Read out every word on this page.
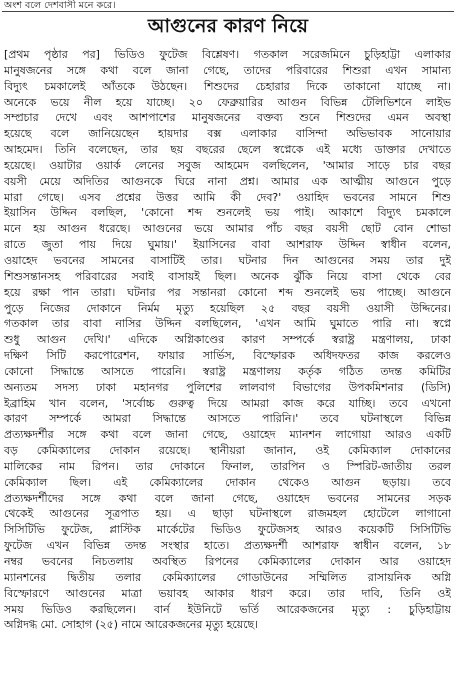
অংশ বলে দেশবাসী মনে করে।
আগুনের কারণ নিয়ে
[প্রথম পৃষ্ঠার পর] ভিডিও ফুটেজ বিশ্লেষণ। গতকাল সরেজমিনে চুড়িহাট্টা এলাকার
মানুষজনের সঙ্গে কথা বলে জানা গেছে, তাদের পরিবারের শিশুরা এখন সামান্য
বিদ্যুৎ চমকালেই আঁতকে উঠছেন। শিশুদের চেহারার দিকে তাকানো যাচ্ছে না।
অনেকে ভয়ে নীল হয়ে যাচ্ছে। ২০ ফেব্রুয়ারির আগুন বিভিন্ন টেলিভিশনে লাইভ
সম্প্রচার দেখে এবং আশপাশের মানুষজনের বক্তব্য শুনে শিশুদের এমন অবস্থা
হয়েছে বলে জানিয়েছেন হায়দার বক্স এলাকার বাসিন্দা অভিভাবক সানোয়ার
আহমেদ। তিনি বলেছেন, তার ছয় বছরের ছেলে স্বপ্নেকে এই মধ্যে ডাক্তার দেখাতে
হয়েছে। ওয়াটার ওয়ার্ক লেনের সবুজ আহমেদ বলছিলেন, 'আমার সাড়ে চার বছর
বয়সী মেয়ে অদিতির আগুনকে ঘিরে নানা প্রশ্ন। আমার এক আত্মীয় আগুনে পুড়ে
মারা গেছে। এসব প্রশ্নের উত্তর আমি কী দেব?' ওয়াহিদ ভবনের সামনে শিশু
ইয়াসিন উদ্দিন বলছিল, 'কোনো শব্দ শুনলেই ভয় পাই। আকাশে বিদ্যুৎ চমকালে
মনে হয় আগুন ধরেছে। আগুনের ভয়ে আমার পাঁচ বছর বয়সী ছোট বোন শোভা
রাতে জুতা পায় দিয়ে ঘুমায়।' ইয়াসিনের বাবা আশরাফ উদ্দিন স্বাধীন বলেন,
ওয়াহেদ ভবনের সামনের বাসাটিই তার। ঘটনার দিন আগুনের সময় তার দুই
শিশুসন্তানসহ পরিবারের সবাই বাসায়ই ছিল। অনেক ঝুঁকি নিয়ে বাসা থেকে বের
হয়ে রক্ষা পান তারা। ঘটনার পর সন্তানরা কোনো শব্দ শুনলেই ভয় পাচ্ছে। আগুনে
পুড়ে নিজের দোকানে নির্মম মৃত্যু হয়েছিল ২৫ বছর বয়সী ওয়াসী উদ্দিনের।
গতকাল তার বাবা নাসির উদ্দিন বলছিলেন, 'এখন আমি ঘুমাতে পারি না। স্বপ্নে
শুধু আগুন দেখি।' এদিকে অগ্নিকাণ্ডের কারণ সম্পর্কে স্বরাষ্ট্র মন্ত্রণালয়, ঢাকা
দক্ষিণ সিটি করপোরেশন, ফায়ার সার্ভিস, বিস্ফোরক অধিদফতর কাজ করলেও
কোনো সিদ্ধান্তে আসতে পারেনি। স্বরাষ্ট্র মন্ত্রণালয় কর্তৃক গঠিত তদন্ত কমিটির
অন্যতম সদস্য ঢাকা মহানগর পুলিশের লালবাগ বিভাগের উপকমিশনার (ডিসি)
ইব্রাহিম খান বলেন, 'সর্বোচ্চ গুরুত্ব দিয়ে আমরা কাজ করে যাচ্ছি। তবে এখনো
কারণ সম্পর্কে আমরা সিদ্ধান্তে আসতে পারিনি।' তবে ঘটনাস্থলে বিভিন্ন
প্রত্যক্ষদর্শীর সঙ্গে কথা বলে জানা গেছে, ওয়াহেদ ম্যানশন লাগোয়া আরও একটি
বড় কেমিক্যালের দোকান রয়েছে। স্থানীয়রা জানান, ওই কেমিক্যাল দোকানের
মালিকের নাম রিপন। তার দোকানে ফিনাল, তারপিন ও স্পিরিট-জাতীয় তরল
কেমিক্যাল ছিল। এই কেমিক্যালের দোকান থেকেও আগুন ছড়ায়। তবে
প্রত্যক্ষদর্শীদের সঙ্গে কথা বলে জানা গেছে, ওয়াহেদ ভবনের সামনের সড়ক
থেকেই আগুনের সূত্রপাত হয়। এ ছাড়া ঘটনাস্থলে রাজমহল হোটেলে লাগানো
সিসিটিভি ফুটেজ, প্লাস্টিক মার্কেটের ভিডিও ফুটেজসহ আরও কয়েকটি সিসিটিভি
ফুটেজ এখন বিভিন্ন তদন্ত সংস্থার হাতে। প্রত্যক্ষদর্শী আশরাফ স্বাধীন বলেন, ১৮
নম্বর ভবনের নিচতলায় অবস্থিত রিপনের কেমিক্যালের দোকান আর ওয়াহেদ
ম্যানশনের দ্বিতীয় তলার কেমিক্যালের গোডাউনের সম্মিলিত রাসায়নিক অগ্নি
বিস্ফোরণে আগুনের মাত্রা ভয়াবহ আকার ধারণ করে। তার দাবি, তিনি ওই
সময় ভিডিও করছিলেন। বার্ন ইউনিটে ভর্তি আরেকজনের মৃত্যু : চুড়িহাট্টায়
অগ্নিদগ্ধ মো. সোহাগ (২৫) নামে আরেকজনের মৃত্যু হয়েছে।
